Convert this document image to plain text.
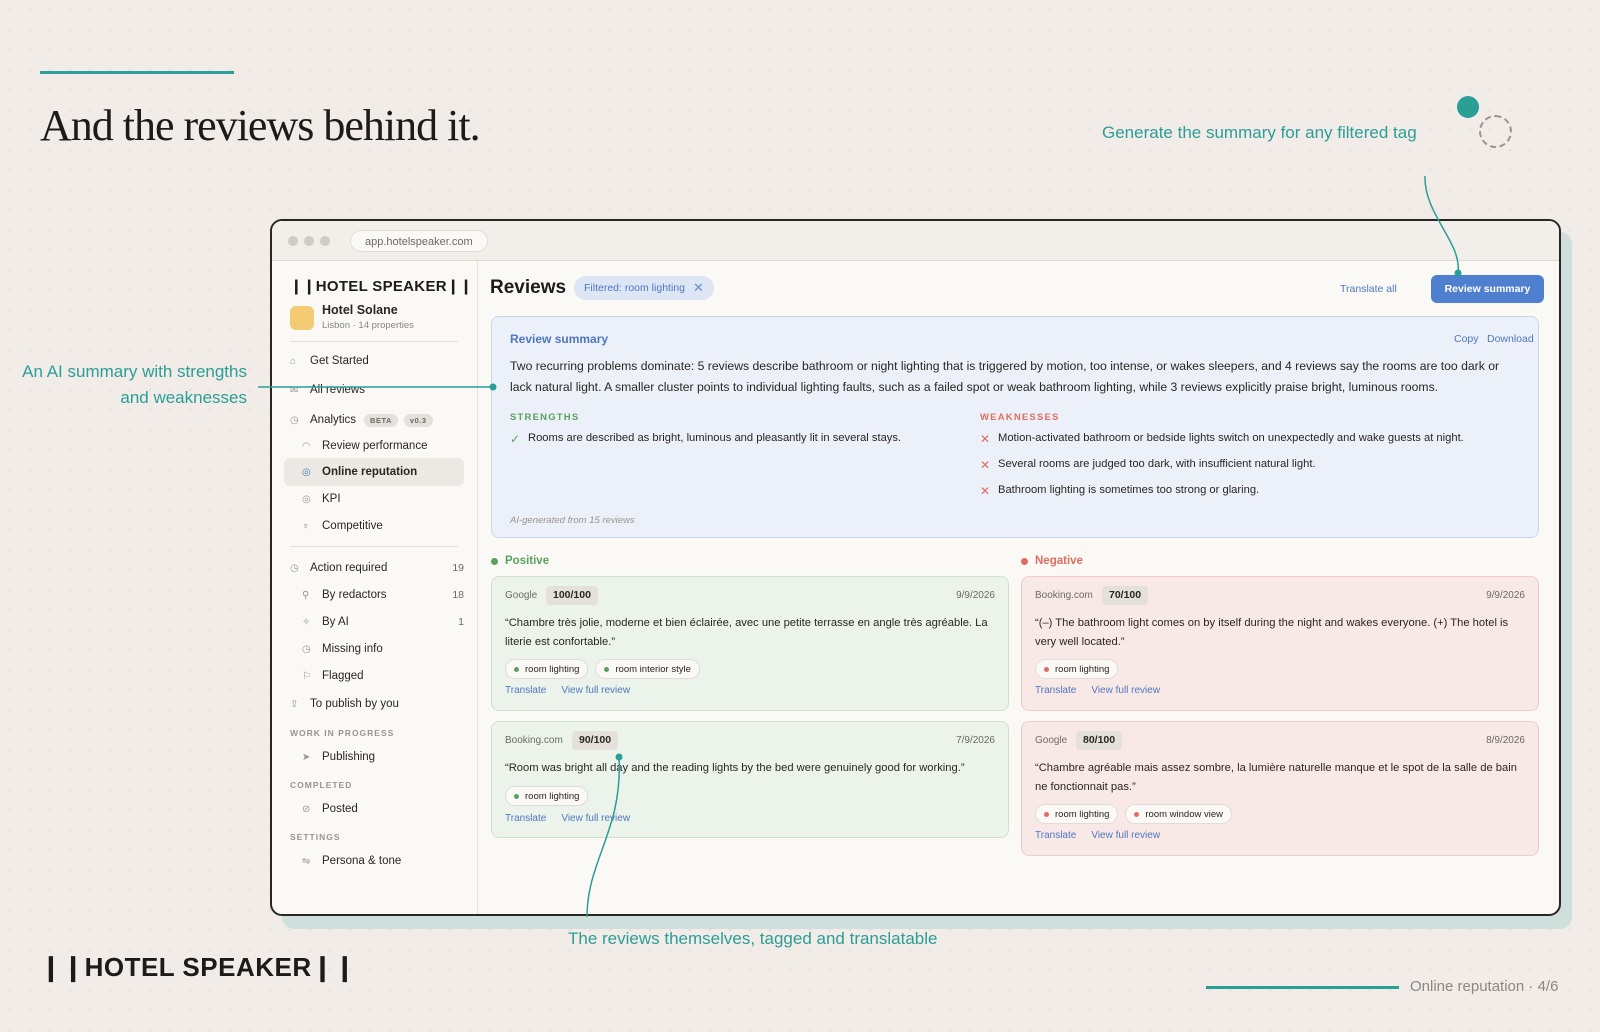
And the reviews behind it.	Generate the summary for any filtered tag
An AI summary with strengths and weaknesses
The reviews themselves, tagged and translatable
app.hotelspeaker.com
❙❙HOTEL SPEAKER❙❙
Hotel Solane
Lisbon · 14 properties
⌂	Get Started
✉	All reviews
◷ Analytics	BETA	v0.3
◠ Review performance
◎ Online reputation
◎ KPI
♆	Competitive
◷ Action required	19
⚲	By redactors	18
✧	By AI	1
◷ Missing info
⚐ Flagged
⇪	To publish by you
WORK IN PROGRESS
➤	Publishing
COMPLETED
⊘	Posted
SETTINGS
⇋	Persona & tone
Reviews Filtered: room lighting ✕	Translate all	Review summary
Review summary	Copy Download
Two recurring problems dominate: 5 reviews describe bathroom or night lighting that is triggered by motion, too intense, or wakes sleepers, and 4 reviews say the rooms are too dark or lack natural light. A smaller cluster points to individual lighting faults, such as a failed spot or weak bathroom lighting, while 3 reviews explicitly praise bright, luminous rooms.
STRENGTHS
✓ Rooms are described as bright, luminous and pleasantly lit in several stays.
WEAKNESSES
✕ Motion-activated bathroom or bedside lights switch on unexpectedly and wake guests at night.
✕ Several rooms are judged too dark, with insufficient natural light.
✕ Bathroom lighting is sometimes too strong or glaring.
AI-generated from 15 reviews
Positive	Negative
Google	100/100	9/9/2026
“Chambre très jolie, moderne et bien éclairée, avec une petite terrasse en angle très agréable. La literie est confortable.”
room lighting	room interior style
Translate View full review
Booking.com	90/100	7/9/2026
“Room was bright all day and the reading lights by the bed were genuinely good for working.”
room lighting
Translate View full review
Booking.com	70/100	9/9/2026
“(–) The bathroom light comes on by itself during the night and wakes everyone. (+) The hotel is very well located.”
room lighting
Translate View full review
Google	80/100	8/9/2026
“Chambre agréable mais assez sombre, la lumière naturelle manque et le spot de la salle de bain ne fonctionnait pas.”
room lighting	room window view
Translate View full review
❙❙HOTEL SPEAKER❙❙
Online reputation · 4/6
